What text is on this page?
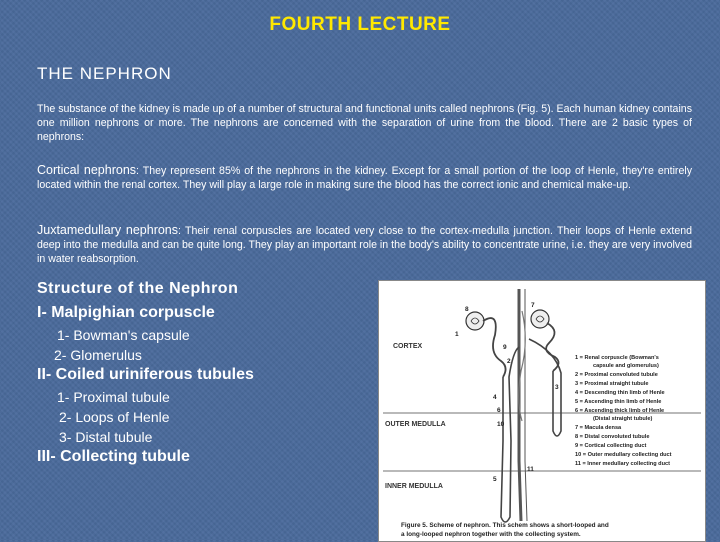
FOURTH LECTURE
THE NEPHRON
The substance of the kidney is made up of a number of structural and functional units called nephrons (Fig. 5). Each human kidney contains one million nephrons or more. The nephrons are concerned with the separation of urine from the blood. There are 2 basic types of nephrons:
Cortical nephrons: They represent 85% of the nephrons in the kidney. Except for a small portion of the loop of Henle, they're entirely located within the renal cortex. They will play a large role in making sure the blood has the correct ionic and chemical make-up.
Juxtamedullary nephrons: Their renal corpuscles are located very close to the cortex-medulla junction. Their loops of Henle extend deep into the medulla and can be quite long. They play an important role in the body's ability to concentrate urine, i.e. they are very involved in water reabsorption.
Structure of the Nephron
I- Malpighian corpuscle
1- Bowman's capsule
2- Glomerulus
II- Coiled uriniferous tubules
1- Proximal tubule
2- Loops of Henle
3- Distal tubule
III- Collecting tubule
CORTEX
OUTER MEDULLA
INNER MEDULLA
1
8
9
7
2
3
4
5
6
10
11
1 = Renal corpuscle (Bowman's
capsule and glomerulus)
2 = Proximal convoluted tubule
3 = Proximal straight tubule
4 = Descending thin limb of Henle
5 = Ascending thin limb of Henle
6 = Ascending thick limb of Henle
(Distal straight tubule)
7 = Macula densa
8 = Distal convoluted tubule
9 = Cortical collecting duct
10 = Outer medullary collecting duct
11 = Inner medullary collecting duct
Figure 5. Scheme of nephron. This schem shows a short-looped and
a long-looped nephron together with the collecting system.
